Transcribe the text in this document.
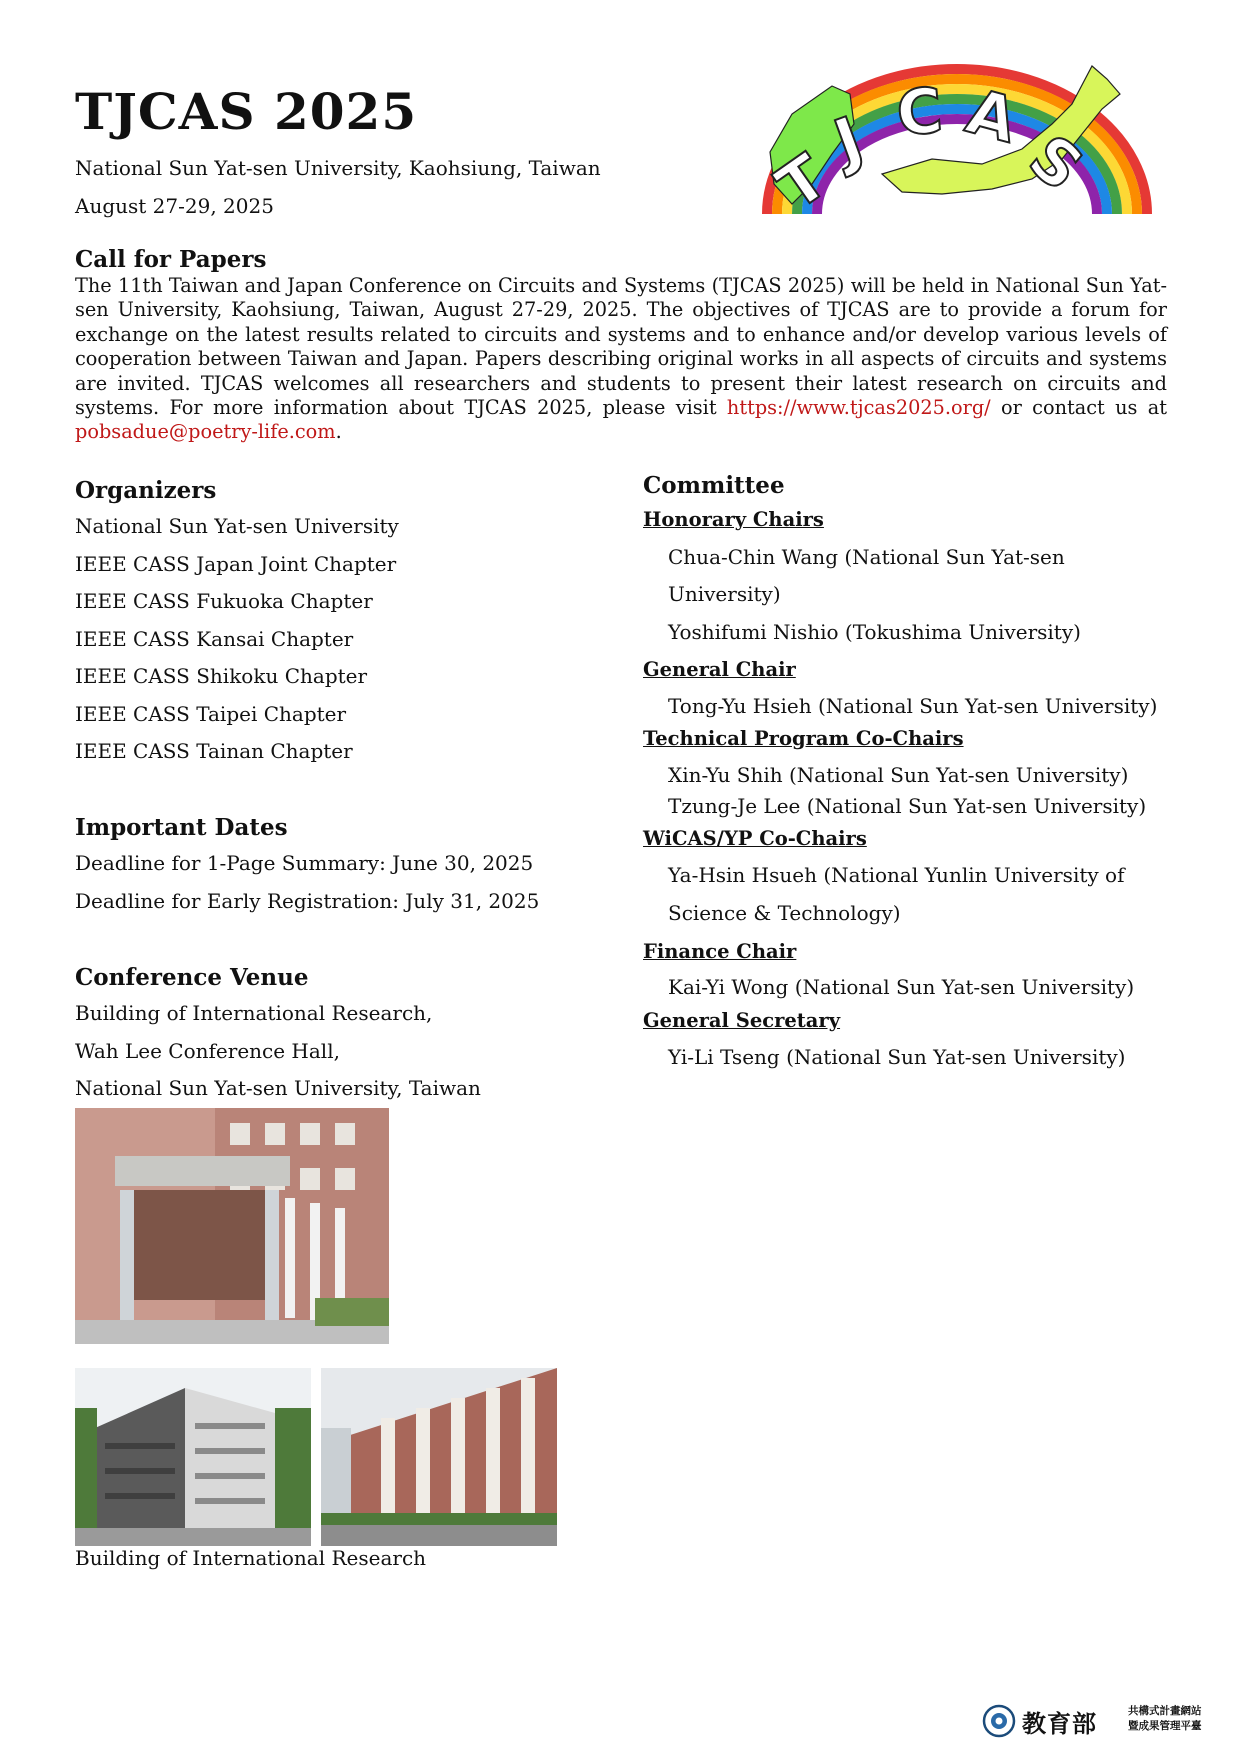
TJCAS 2025
National Sun Yat-sen University, Kaohsiung, Taiwan
August 27-29, 2025	T
J C A
S
Call for Papers
The 11th Taiwan and Japan Conference on Circuits and Systems (TJCAS 2025) will be held in National Sun Yat-sen University, Kaohsiung, Taiwan, August 27-29, 2025. The objectives of TJCAS are to provide a forum for exchange on the latest results related to circuits and systems and to enhance and/or develop various levels of cooperation between Taiwan and Japan. Papers describing original works in all aspects of circuits and systems are invited. TJCAS welcomes all researchers and students to present their latest research on circuits and systems. For more information about TJCAS 2025, please visit https://www.tjcas2025.org/ or contact us at pobsadue@poetry-life.com.
Organizers
National Sun Yat-sen University
IEEE CASS Japan Joint Chapter
IEEE CASS Fukuoka Chapter
IEEE CASS Kansai Chapter
IEEE CASS Shikoku Chapter
IEEE CASS Taipei Chapter
IEEE CASS Tainan Chapter
Important Dates
Deadline for 1-Page Summary: June 30, 2025
Deadline for Early Registration: July 31, 2025
Conference Venue
Building of International Research,
Wah Lee Conference Hall,
National Sun Yat-sen University, Taiwan
Building of International Research
Committee
Honorary Chairs
Chua-Chin Wang (National Sun Yat-sen
University)
Yoshifumi Nishio (Tokushima University)
General Chair
Tong-Yu Hsieh (National Sun Yat-sen University)
Technical Program Co-Chairs
Xin-Yu Shih (National Sun Yat-sen University)
Tzung-Je Lee (National Sun Yat-sen University)
WiCAS/YP Co-Chairs
Ya-Hsin Hsueh (National Yunlin University of
Science & Technology)
Finance Chair
Kai-Yi Wong (National Sun Yat-sen University)
General Secretary
Yi-Li Tseng (National Sun Yat-sen University)
教育部	共構式計畫網站
暨成果管理平臺
